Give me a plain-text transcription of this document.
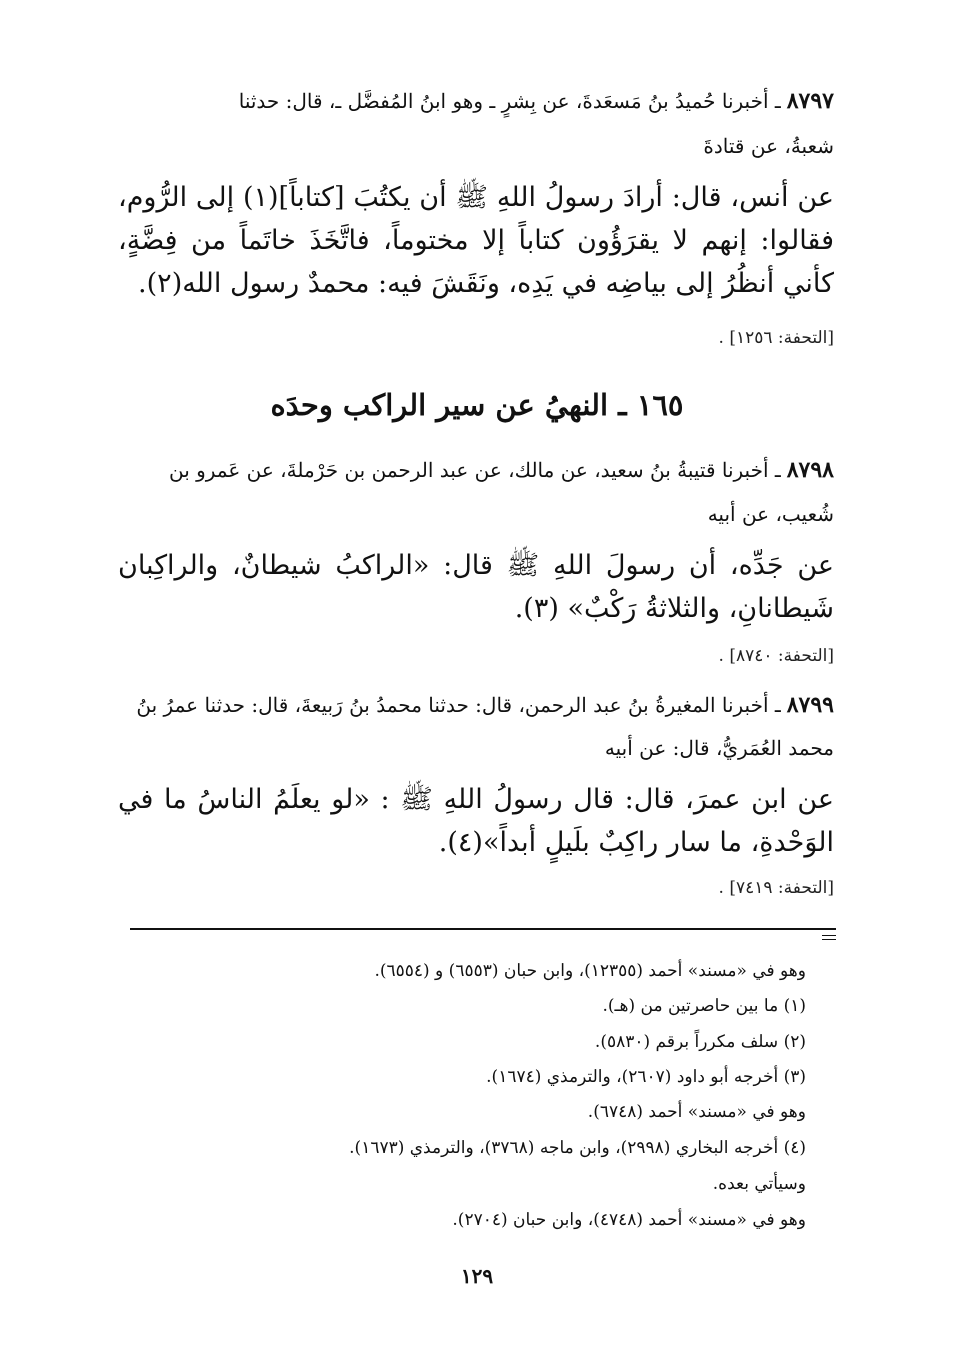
٨٧٩٧ـ أخبرنا حُميدُ بنُ مَسعَدةَ، عن بِشرٍ ـ وهو ابنُ المُفضَّل ـ، قال: حدثنا
شعبةُ، عن قتادةَ
عن أنس، قال: أرادَ رسولُ اللهِ ﷺ أن يكتُبَ [كتاباً](١) إلى الرُّوم، فقالوا: إنهم لا يقرَؤُون كتاباً إلا مختوماً، فاتَّخَذَ خاتَماً من فِضَّةٍ، كأني أنظُرُ إلى بياضِه في يَدِه، ونَقَشَ فيه: محمدٌ رسول الله(٢).
[التحفة: ١٢٥٦] .
١٦٥ ـ النهيُ عن سير الراكب وحدَه
٨٧٩٨ـ أخبرنا قتيبةُ بنُ سعيد، عن مالك، عن عبد الرحمن بن حَرْملةَ، عن عَمرو بن
شُعيب، عن أبيه
عن جَدِّه، أن رسولَ اللهِ ﷺ قال: «الراكبُ شيطانٌ، والراكِبان شَيطانانِ، والثلاثةُ رَكْبٌ» (٣).
[التحفة: ٨٧٤٠] .
٨٧٩٩ـ أخبرنا المغيرةُ بنُ عبد الرحمن، قال: حدثنا محمدُ بنُ رَبيعةَ، قال: حدثنا عمرُ بنُ
محمد العُمَريُّ، قال: عن أبيه
عن ابن عمرَ، قال: قال رسولُ اللهِ ﷺ : «لو يعلَمُ الناسُ ما في الوَحْدةِ، ما سار راكِبٌ بلَيلٍ أبداً»(٤).
[التحفة: ٧٤١٩] .
وهو في «مسند» أحمد (١٢٣٥٥)، وابن حبان (٦٥٥٣) و (٦٥٥٤).
(١) ما بين حاصرتين من (هـ).
(٢) سلف مكرراً برقم (٥٨٣٠).
(٣) أخرجه أبو داود (٢٦٠٧)، والترمذي (١٦٧٤).
وهو في «مسند» أحمد (٦٧٤٨).
(٤) أخرجه البخاري (٢٩٩٨)، وابن ماجه (٣٧٦٨)، والترمذي (١٦٧٣).
وسيأتي بعده.
وهو في «مسند» أحمد (٤٧٤٨)، وابن حبان (٢٧٠٤).
١٢٩
